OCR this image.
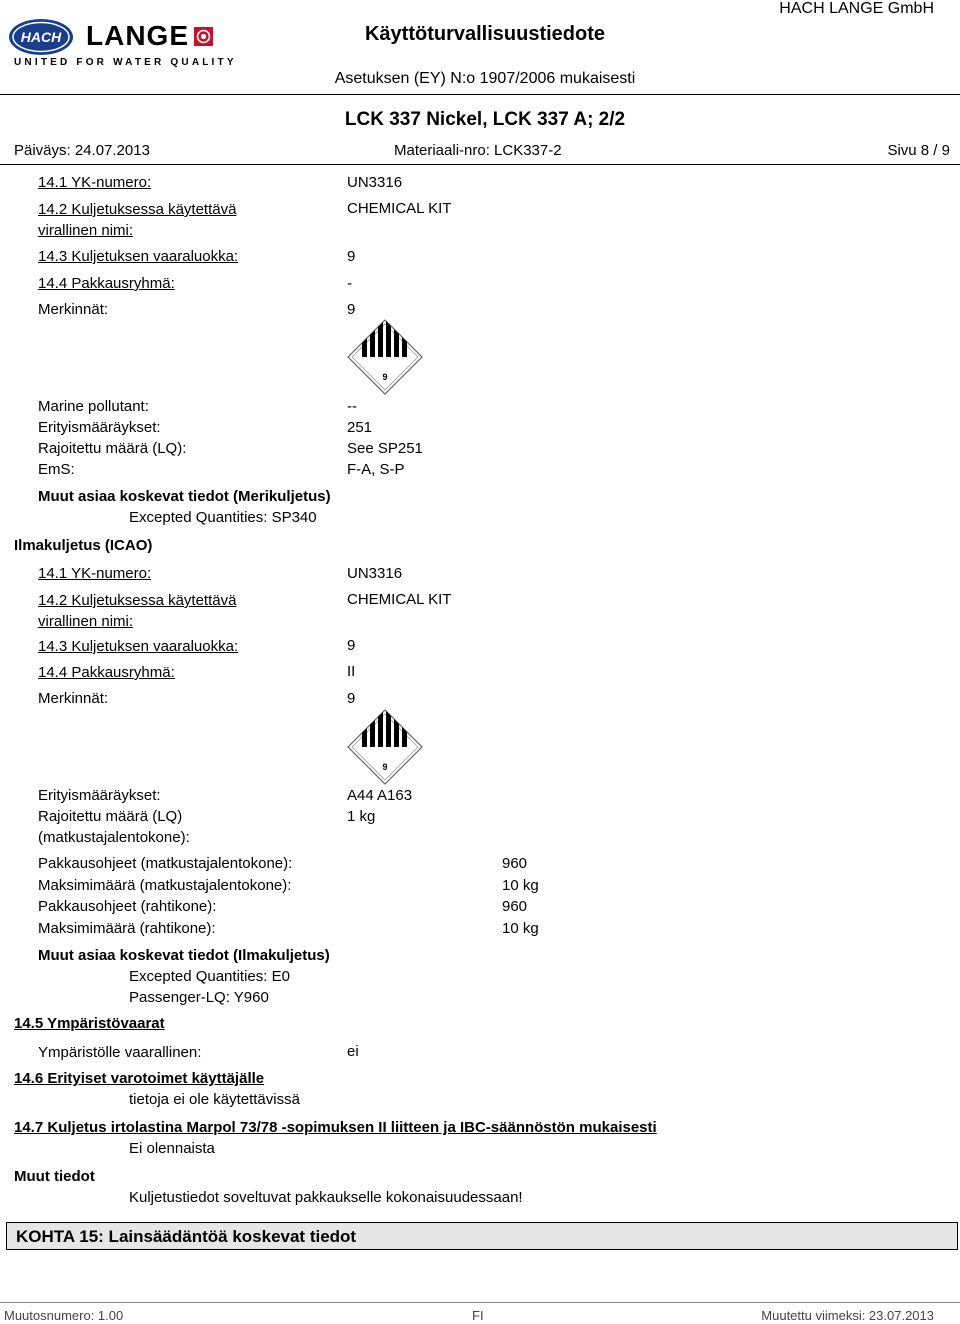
HACH LANGE
UNITED FOR WATER QUALITY
Käyttöturvallisuustiedote
HACH LANGE GmbH
Asetuksen (EY) N:o 1907/2006 mukaisesti
LCK 337 Nickel, LCK 337 A; 2/2
Päiväys: 24.07.2013	Materiaali-nro: LCK337-2	Sivu 8 / 9
14.1 YK-numero:	UN3316
14.2 Kuljetuksessa käytettävä
virallinen nimi:
CHEMICAL KIT
14.3 Kuljetuksen vaaraluokka:	9
14.4 Pakkausryhmä:	-
Merkinnät:	9
9
Marine pollutant:	--
Erityismääräykset:	251
Rajoitettu määrä (LQ):	See SP251
EmS:	F-A, S-P
Muut asiaa koskevat tiedot (Merikuljetus)
Excepted Quantities: SP340
Ilmakuljetus (ICAO)
14.1 YK-numero:	UN3316
14.2 Kuljetuksessa käytettävä
virallinen nimi:
CHEMICAL KIT
14.3 Kuljetuksen vaaraluokka:	9
14.4 Pakkausryhmä:	II
Merkinnät:	9
9
Erityismääräykset:	A44 A163
Rajoitettu määrä (LQ)
(matkustajalentokone):
1 kg
Pakkausohjeet (matkustajalentokone):	960
Maksimimäärä (matkustajalentokone):	10 kg
Pakkausohjeet (rahtikone):	960
Maksimimäärä (rahtikone):	10 kg
Muut asiaa koskevat tiedot (Ilmakuljetus)
Excepted Quantities: E0
Passenger-LQ: Y960
14.5 Ympäristövaarat
Ympäristölle vaarallinen:	ei
14.6 Erityiset varotoimet käyttäjälle
tietoja ei ole käytettävissä
14.7 Kuljetus irtolastina Marpol 73/78 -sopimuksen II liitteen ja IBC-säännöstön mukaisesti
Ei olennaista
Muut tiedot
Kuljetustiedot soveltuvat pakkaukselle kokonaisuudessaan!
KOHTA 15: Lainsäädäntöä koskevat tiedot
Muutosnumero: 1.00	FI	Muutettu viimeksi: 23.07.2013
